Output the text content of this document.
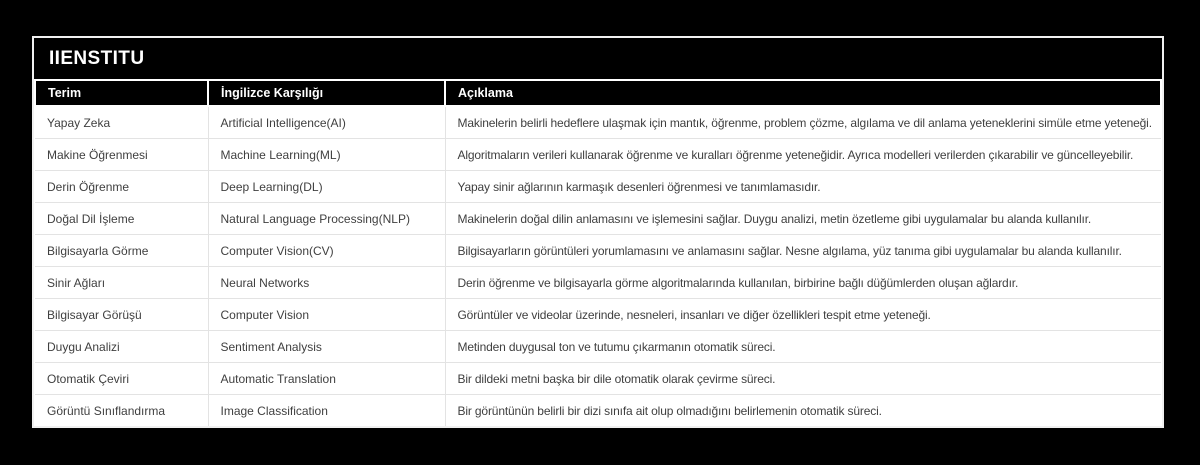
IIENSTITU
Terim	İngilizce Karşılığı	Açıklama
Yapay Zeka	Artificial Intelligence(AI)	Makinelerin belirli hedeflere ulaşmak için mantık, öğrenme, problem çözme, algılama ve dil anlama yeteneklerini simüle etme yeteneği.
Makine Öğrenmesi	Machine Learning(ML)	Algoritmaların verileri kullanarak öğrenme ve kuralları öğrenme yeteneğidir. Ayrıca modelleri verilerden çıkarabilir ve güncelleyebilir.
Derin Öğrenme	Deep Learning(DL)	Yapay sinir ağlarının karmaşık desenleri öğrenmesi ve tanımlamasıdır.
Doğal Dil İşleme	Natural Language Processing(NLP)	Makinelerin doğal dilin anlamasını ve işlemesini sağlar. Duygu analizi, metin özetleme gibi uygulamalar bu alanda kullanılır.
Bilgisayarla Görme	Computer Vision(CV)	Bilgisayarların görüntüleri yorumlamasını ve anlamasını sağlar. Nesne algılama, yüz tanıma gibi uygulamalar bu alanda kullanılır.
Sinir Ağları	Neural Networks	Derin öğrenme ve bilgisayarla görme algoritmalarında kullanılan, birbirine bağlı düğümlerden oluşan ağlardır.
Bilgisayar Görüşü	Computer Vision	Görüntüler ve videolar üzerinde, nesneleri, insanları ve diğer özellikleri tespit etme yeteneği.
Duygu Analizi	Sentiment Analysis	Metinden duygusal ton ve tutumu çıkarmanın otomatik süreci.
Otomatik Çeviri	Automatic Translation	Bir dildeki metni başka bir dile otomatik olarak çevirme süreci.
Görüntü Sınıflandırma	Image Classification	Bir görüntünün belirli bir dizi sınıfa ait olup olmadığını belirlemenin otomatik süreci.
